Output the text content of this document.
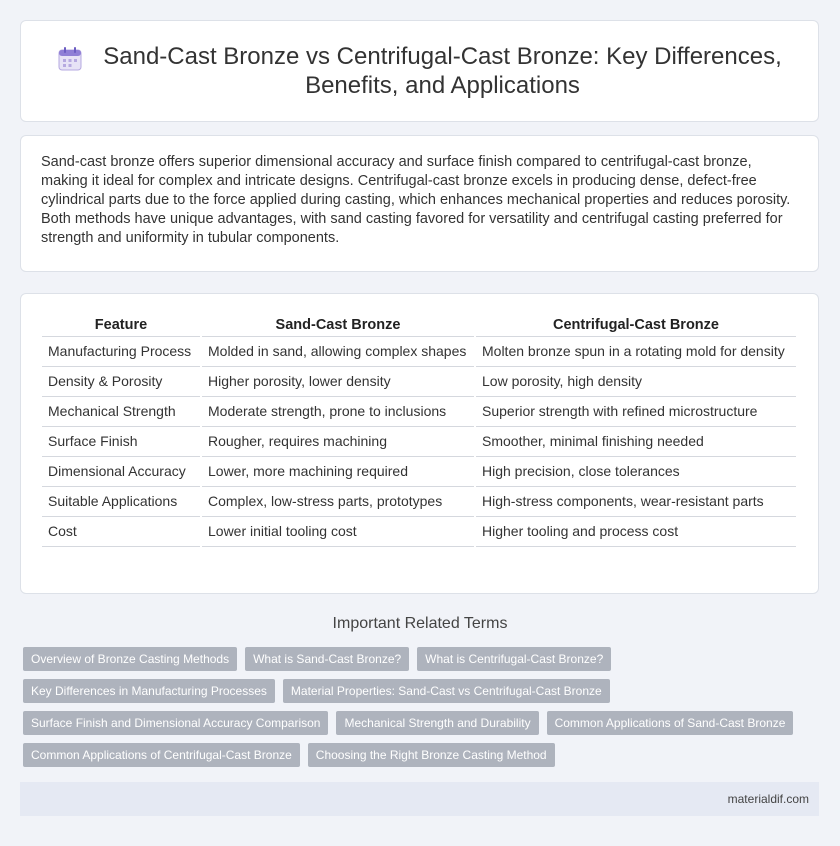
Sand-Cast Bronze vs Centrifugal-Cast Bronze: Key Differences, Benefits, and Applications

Sand-cast bronze offers superior dimensional accuracy and surface finish compared to centrifugal-cast bronze, making it ideal for complex and intricate designs. Centrifugal-cast bronze excels in producing dense, defect-free cylindrical parts due to the force applied during casting, which enhances mechanical properties and reduces porosity. Both methods have unique advantages, with sand casting favored for versatility and centrifugal casting preferred for strength and uniformity in tubular components.

Feature	Sand-Cast Bronze	Centrifugal-Cast Bronze
Manufacturing Process	Molded in sand, allowing complex shapes	Molten bronze spun in a rotating mold for density
Density & Porosity	Higher porosity, lower density	Low porosity, high density
Mechanical Strength	Moderate strength, prone to inclusions	Superior strength with refined microstructure
Surface Finish	Rougher, requires machining	Smoother, minimal finishing needed
Dimensional Accuracy	Lower, more machining required	High precision, close tolerances
Suitable Applications	Complex, low-stress parts, prototypes	High-stress components, wear-resistant parts
Cost	Lower initial tooling cost	Higher tooling and process cost
Important Related Terms
Overview of Bronze Casting Methods	What is Sand-Cast Bronze?	What is Centrifugal-Cast Bronze?
Key Differences in Manufacturing Processes	Material Properties: Sand-Cast vs Centrifugal-Cast Bronze
Surface Finish and Dimensional Accuracy Comparison	Mechanical Strength and Durability	Common Applications of Sand-Cast Bronze
Common Applications of Centrifugal-Cast Bronze	Choosing the Right Bronze Casting Method
materialdif.com
